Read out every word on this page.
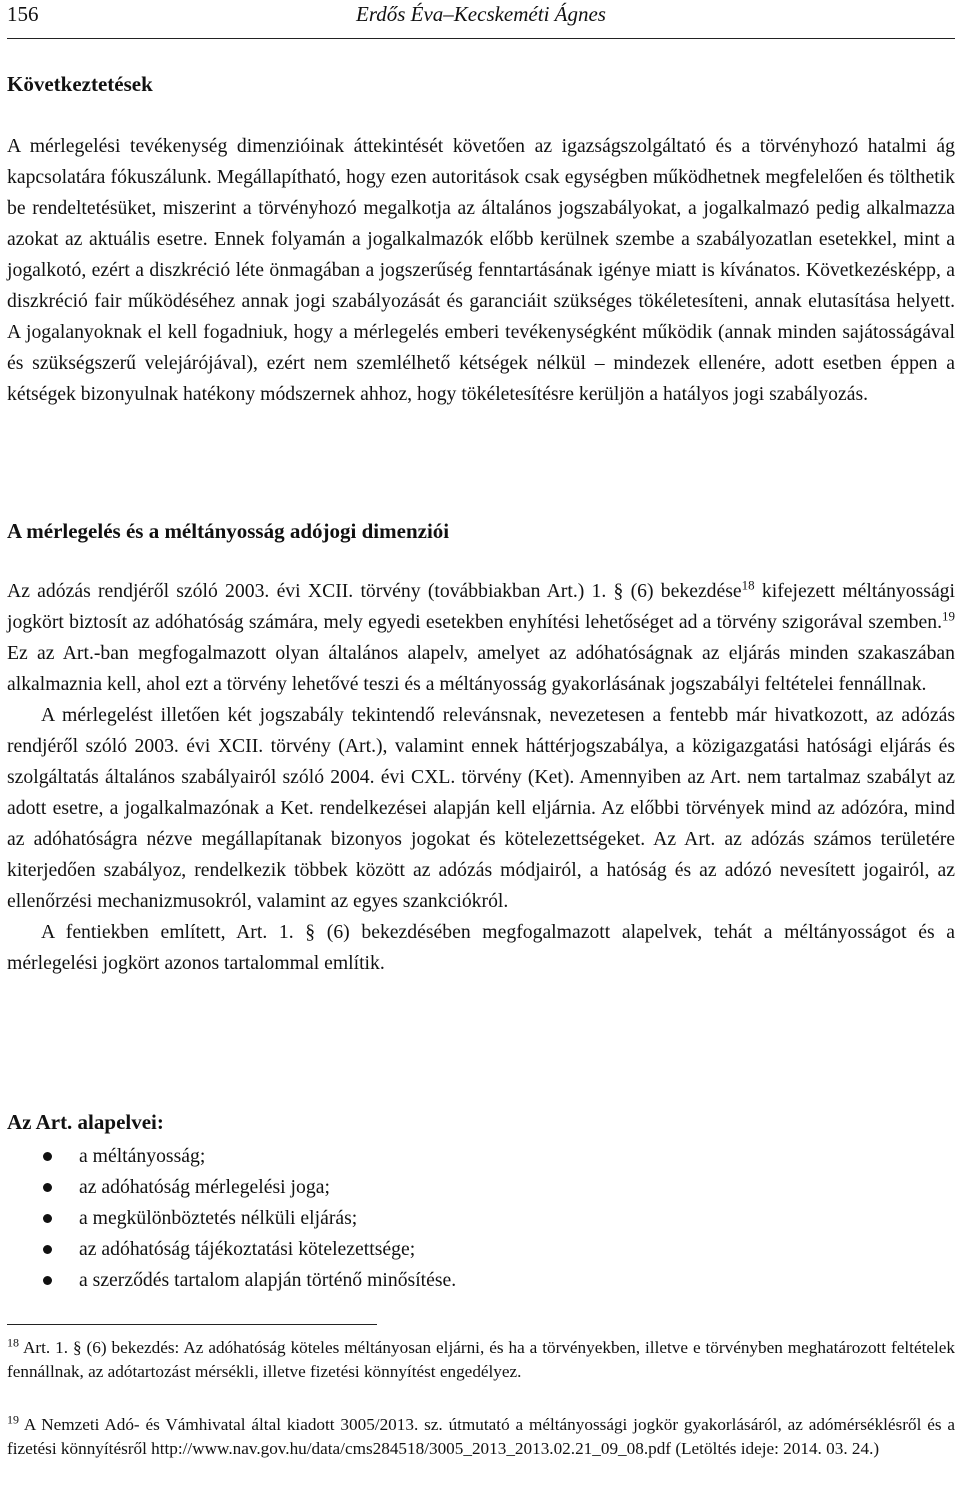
156	Erdős Éva–Kecskeméti Ágnes
Következtetések

A mérlegelési tevékenység dimenzióinak áttekintését követően az igazságszolgáltató és a törvényhozó hatalmi ág kapcsolatára fókuszálunk. Megállapítható, hogy ezen autoritások csak egységben működhetnek megfelelően és tölthetik be rendeltetésüket, miszerint a törvényhozó megalkotja az általános jogszabályokat, a jogalkalmazó pedig alkalmazza azokat az aktuális esetre. Ennek folyamán a jogalkalmazók előbb kerülnek szembe a szabályozatlan esetekkel, mint a jogalkotó, ezért a diszkréció léte önmagában a jogszerűség fenntartásának igénye miatt is kívánatos. Következésképp, a diszkréció fair működéséhez annak jogi szabályozását és garanciáit szükséges tökéletesíteni, annak elutasítása helyett. A jogalanyoknak el kell fogadniuk, hogy a mérlegelés emberi tevékenységként működik (annak minden sajátosságával és szükségszerű velejárójával), ezért nem szemlélhető kétségek nélkül – mindezek ellenére, adott esetben éppen a kétségek bizonyulnak hatékony módszernek ahhoz, hogy tökéletesítésre kerüljön a hatályos jogi szabályozás.

A mérlegelés és a méltányosság adójogi dimenziói

Az adózás rendjéről szóló 2003. évi XCII. törvény (továbbiakban Art.) 1. § (6) bekezdése$^{18}$ kifejezett méltányossági jogkört biztosít az adóhatóság számára, mely egyedi esetekben enyhítési lehetőséget ad a törvény szigorával szemben.$^{19}$ Ez az Art.-ban megfogalmazott olyan általános alapelv, amelyet az adóhatóságnak az eljárás minden szakaszában alkalmaznia kell, ahol ezt a törvény lehetővé teszi és a méltányosság gyakorlásának jogszabályi feltételei fennállnak.

A mérlegelést illetően két jogszabály tekintendő relevánsnak, nevezetesen a fentebb már hivatkozott, az adózás rendjéről szóló 2003. évi XCII. törvény (Art.), valamint ennek háttérjogszabálya, a közigazgatási hatósági eljárás és szolgáltatás általános szabályairól szóló 2004. évi CXL. törvény (Ket). Amennyiben az Art. nem tartalmaz szabályt az adott esetre, a jogalkalmazónak a Ket. rendelkezései alapján kell eljárnia. Az előbbi törvények mind az adózóra, mind az adóhatóságra nézve megállapítanak bizonyos jogokat és kötelezettségeket. Az Art. az adózás számos területére kiterjedően szabályoz, rendelkezik többek között az adózás módjairól, a hatóság és az adózó nevesített jogairól, az ellenőrzési mechanizmusokról, valamint az egyes szankciókról.

A fentiekben említett, Art. 1. § (6) bekezdésében megfogalmazott alapelvek, tehát a méltányosságot és a mérlegelési jogkört azonos tartalommal említik.

Az Art. alapelvei:
a méltányosság;
az adóhatóság mérlegelési joga;
a megkülönböztetés nélküli eljárás;
az adóhatóság tájékoztatási kötelezettsége;
a szerződés tartalom alapján történő minősítése.
$^{18}$ Art. 1. § (6) bekezdés: Az adóhatóság köteles méltányosan eljárni, és ha a törvényekben, illetve e törvényben meghatározott feltételek fennállnak, az adótartozást mérsékli, illetve fizetési könnyítést engedélyez.
$^{19}$ A Nemzeti Adó- és Vámhivatal által kiadott 3005/2013. sz. útmutató a méltányossági jogkör gyakorlásáról, az adómérséklésről és a fizetési könnyítésről http://www.nav.gov.hu/data/cms284518/3005_2013_2013.02.21_09_08.pdf (Letöltés ideje: 2014. 03. 24.)
